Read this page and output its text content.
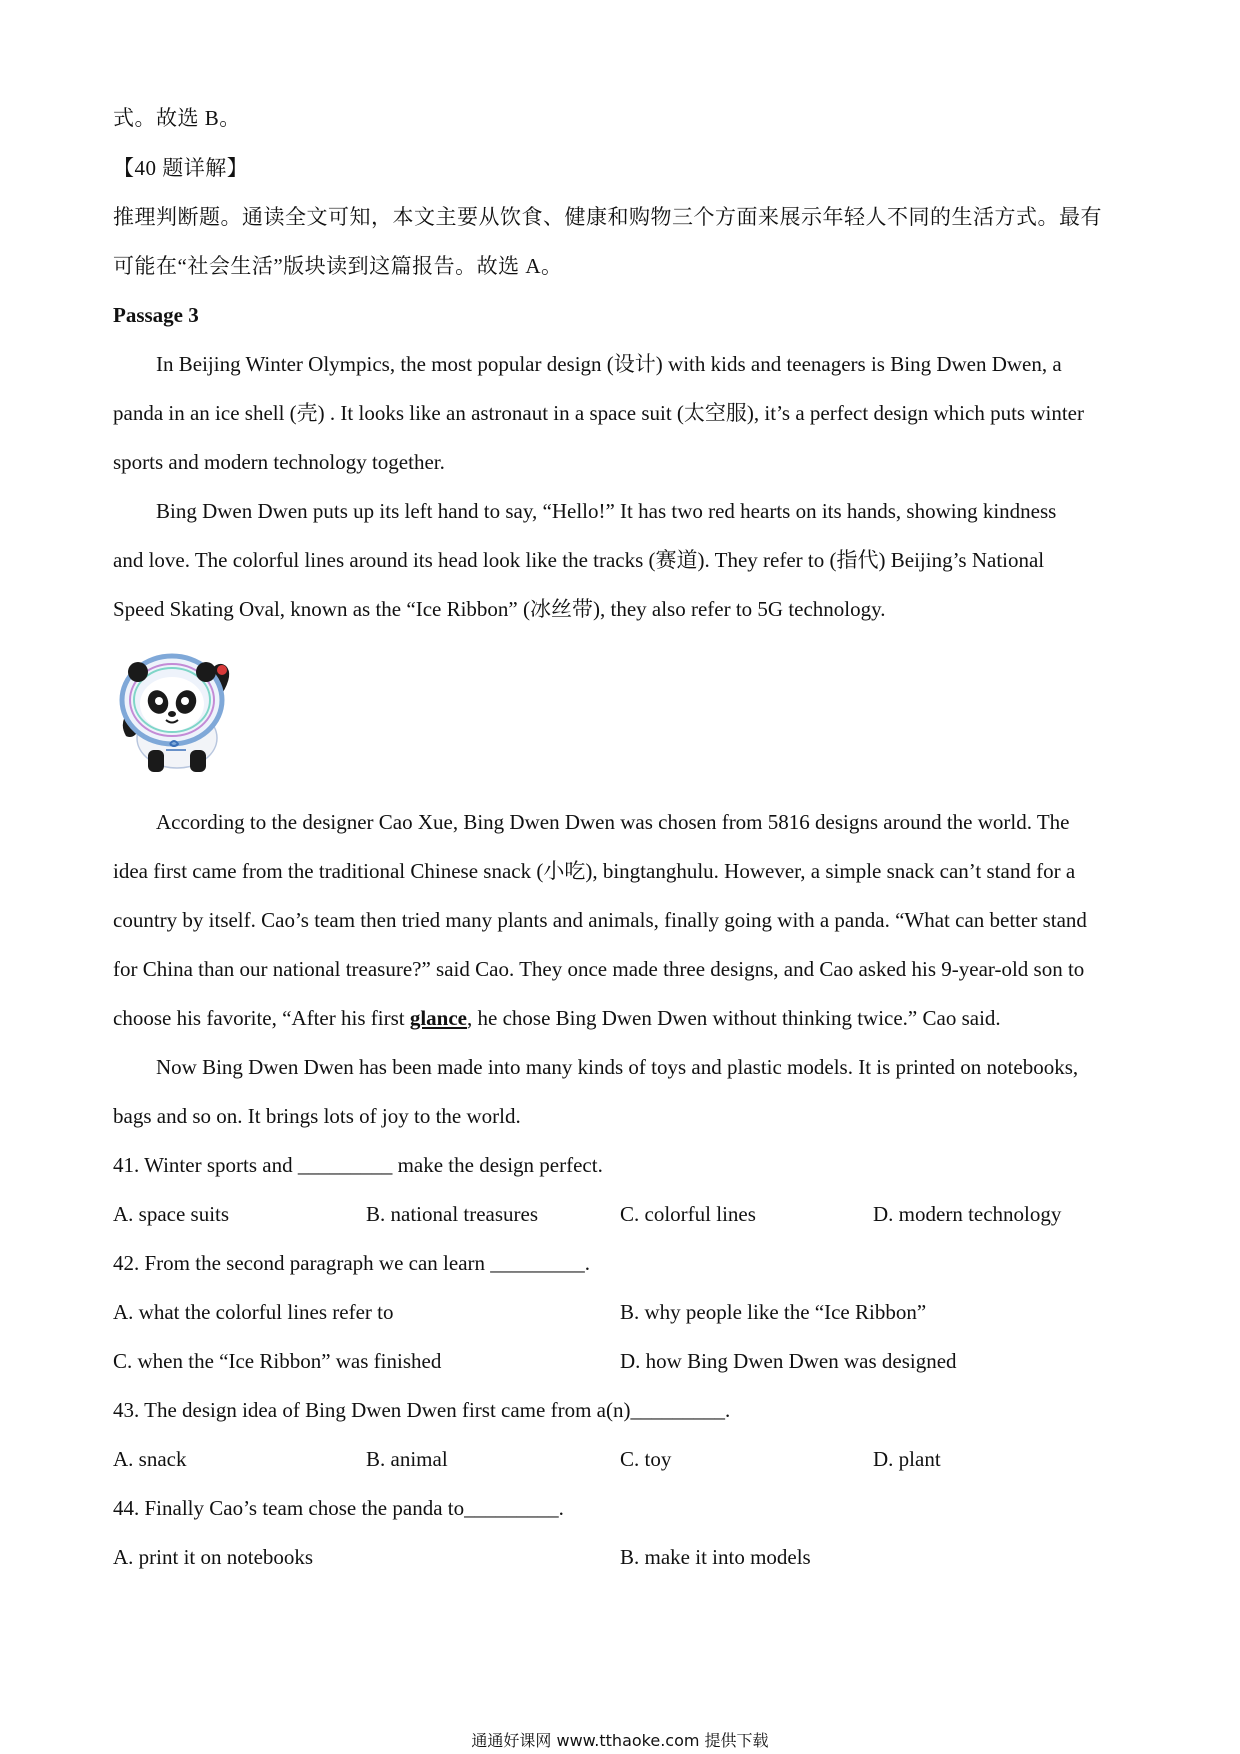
式。故选 B。
【40 题详解】
推理判断题。通读全文可知，本文主要从饮食、健康和购物三个方面来展示年轻人不同的生活方式。最有
可能在“社会生活”版块读到这篇报告。故选 A。
Passage 3
In Beijing Winter Olympics, the most popular design (设计) with kids and teenagers is Bing Dwen Dwen, a
panda in an ice shell (壳) . It looks like an astronaut in a space suit (太空服), it’s a perfect design which puts winter
sports and modern technology together.
Bing Dwen Dwen puts up its left hand to say, “Hello!” It has two red hearts on its hands, showing kindness
and love. The colorful lines around its head look like the tracks (赛道). They refer to (指代) Beijing’s National
Speed Skating Oval, known as the “Ice Ribbon” (冰丝带), they also refer to 5G technology.
According to the designer Cao Xue, Bing Dwen Dwen was chosen from 5816 designs around the world. The
idea first came from the traditional Chinese snack (小吃), bingtanghulu. However, a simple snack can’t stand for a
country by itself. Cao’s team then tried many plants and animals, finally going with a panda. “What can better stand
for China than our national treasure?” said Cao. They once made three designs, and Cao asked his 9-year-old son to
choose his favorite, “After his first glance, he chose Bing Dwen Dwen without thinking twice.” Cao said.
Now Bing Dwen Dwen has been made into many kinds of toys and plastic models. It is printed on notebooks,
bags and so on. It brings lots of joy to the world.
41. Winter sports and _________ make the design perfect.
A. space suits	B. national treasures	C. colorful lines	D. modern technology
42. From the second paragraph we can learn _________.
A. what the colorful lines refer to	B. why people like the “Ice Ribbon”
C. when the “Ice Ribbon” was finished	D. how Bing Dwen Dwen was designed
43. The design idea of Bing Dwen Dwen first came from a(n)_________.
A. snack	B. animal	C. toy	D. plant
44. Finally Cao’s team chose the panda to_________.
A. print it on notebooks	B. make it into models
通通好课网 www.tthaoke.com 提供下载
